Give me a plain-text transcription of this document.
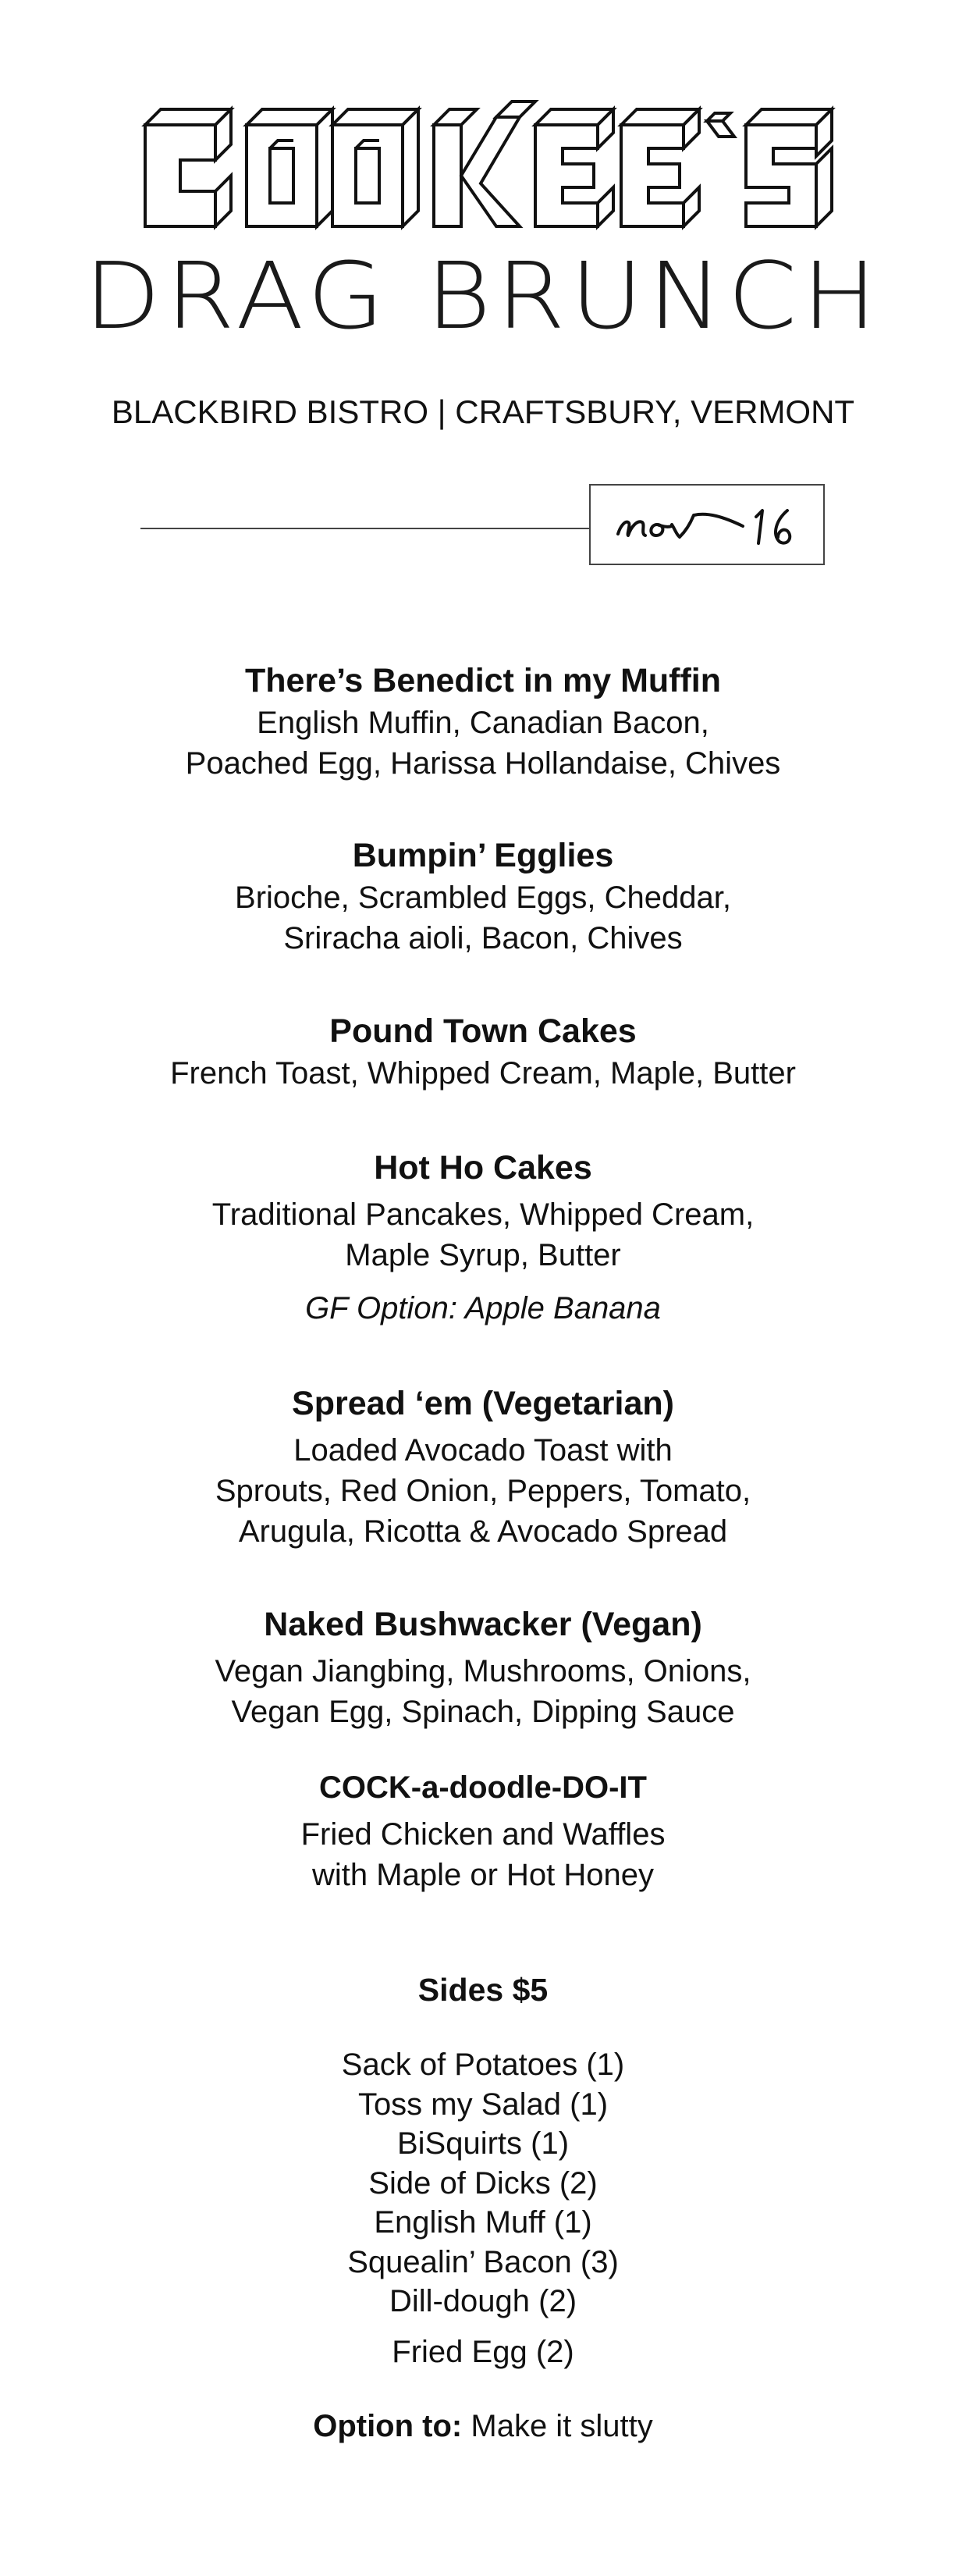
DRAG BRUNCH
BLACKBIRD BISTRO | CRAFTSBURY, VERMONT
There’s Benedict in my Muffin
English Muffin, Canadian Bacon,
Poached Egg, Harissa Hollandaise, Chives
Bumpin’ Egglies
Brioche, Scrambled Eggs, Cheddar,
Sriracha aioli, Bacon, Chives
Pound Town Cakes
French Toast, Whipped Cream, Maple, Butter
Hot Ho Cakes
Traditional Pancakes, Whipped Cream,
Maple Syrup, Butter
GF Option: Apple Banana
Spread ‘em (Vegetarian)
Loaded Avocado Toast with
Sprouts, Red Onion, Peppers, Tomato,
Arugula, Ricotta & Avocado Spread
Naked Bushwacker (Vegan)
Vegan Jiangbing, Mushrooms, Onions,
Vegan Egg, Spinach, Dipping Sauce
COCK-a-doodle-DO-IT
Fried Chicken and Waffles
with Maple or Hot Honey
Sides $5
Sack of Potatoes (1)
Toss my Salad (1)
BiSquirts (1)
Side of Dicks (2)
English Muff (1)
Squealin’ Bacon (3)
Dill-dough (2)
Fried Egg (2)
Option to: Make it slutty
